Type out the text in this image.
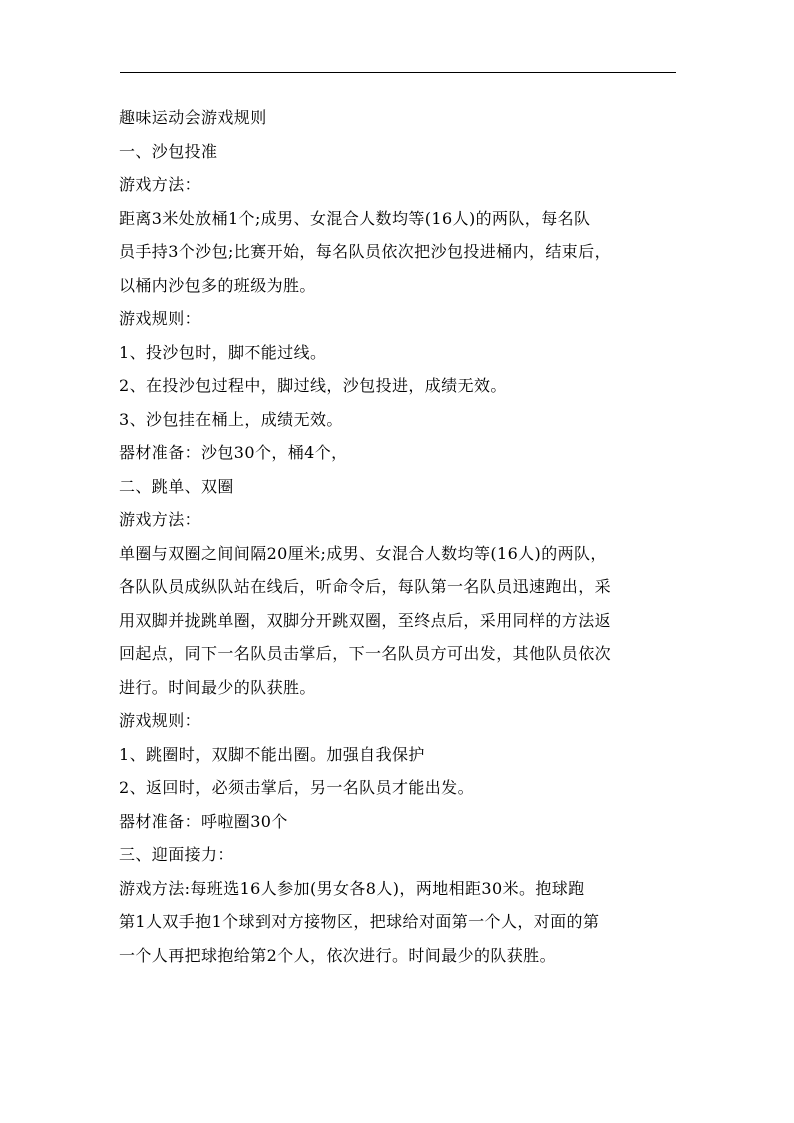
趣味运动会游戏规则
一、沙包投准
游戏方法：
距离3米处放桶1个;成男、女混合人数均等(16人)的两队，每名队
员手持3个沙包;比赛开始，每名队员依次把沙包投进桶内，结束后，
以桶内沙包多的班级为胜。
游戏规则：
1、投沙包时，脚不能过线。
2、在投沙包过程中，脚过线，沙包投进，成绩无效。
3、沙包挂在桶上，成绩无效。
器材准备：沙包30个，桶4个，
二、跳单、双圈
游戏方法：
单圈与双圈之间间隔20厘米;成男、女混合人数均等(16人)的两队，
各队队员成纵队站在线后，听命令后，每队第一名队员迅速跑出，采
用双脚并拢跳单圈，双脚分开跳双圈，至终点后，采用同样的方法返
回起点，同下一名队员击掌后，下一名队员方可出发，其他队员依次
进行。时间最少的队获胜。
游戏规则：
1、跳圈时，双脚不能出圈。加强自我保护
2、返回时，必须击掌后，另一名队员才能出发。
器材准备：呼啦圈30个
三、迎面接力：
游戏方法:每班选16人参加(男女各8人)，两地相距30米。抱球跑
第1人双手抱1个球到对方接物区，把球给对面第一个人，对面的第
一个人再把球抱给第2个人，依次进行。时间最少的队获胜。
